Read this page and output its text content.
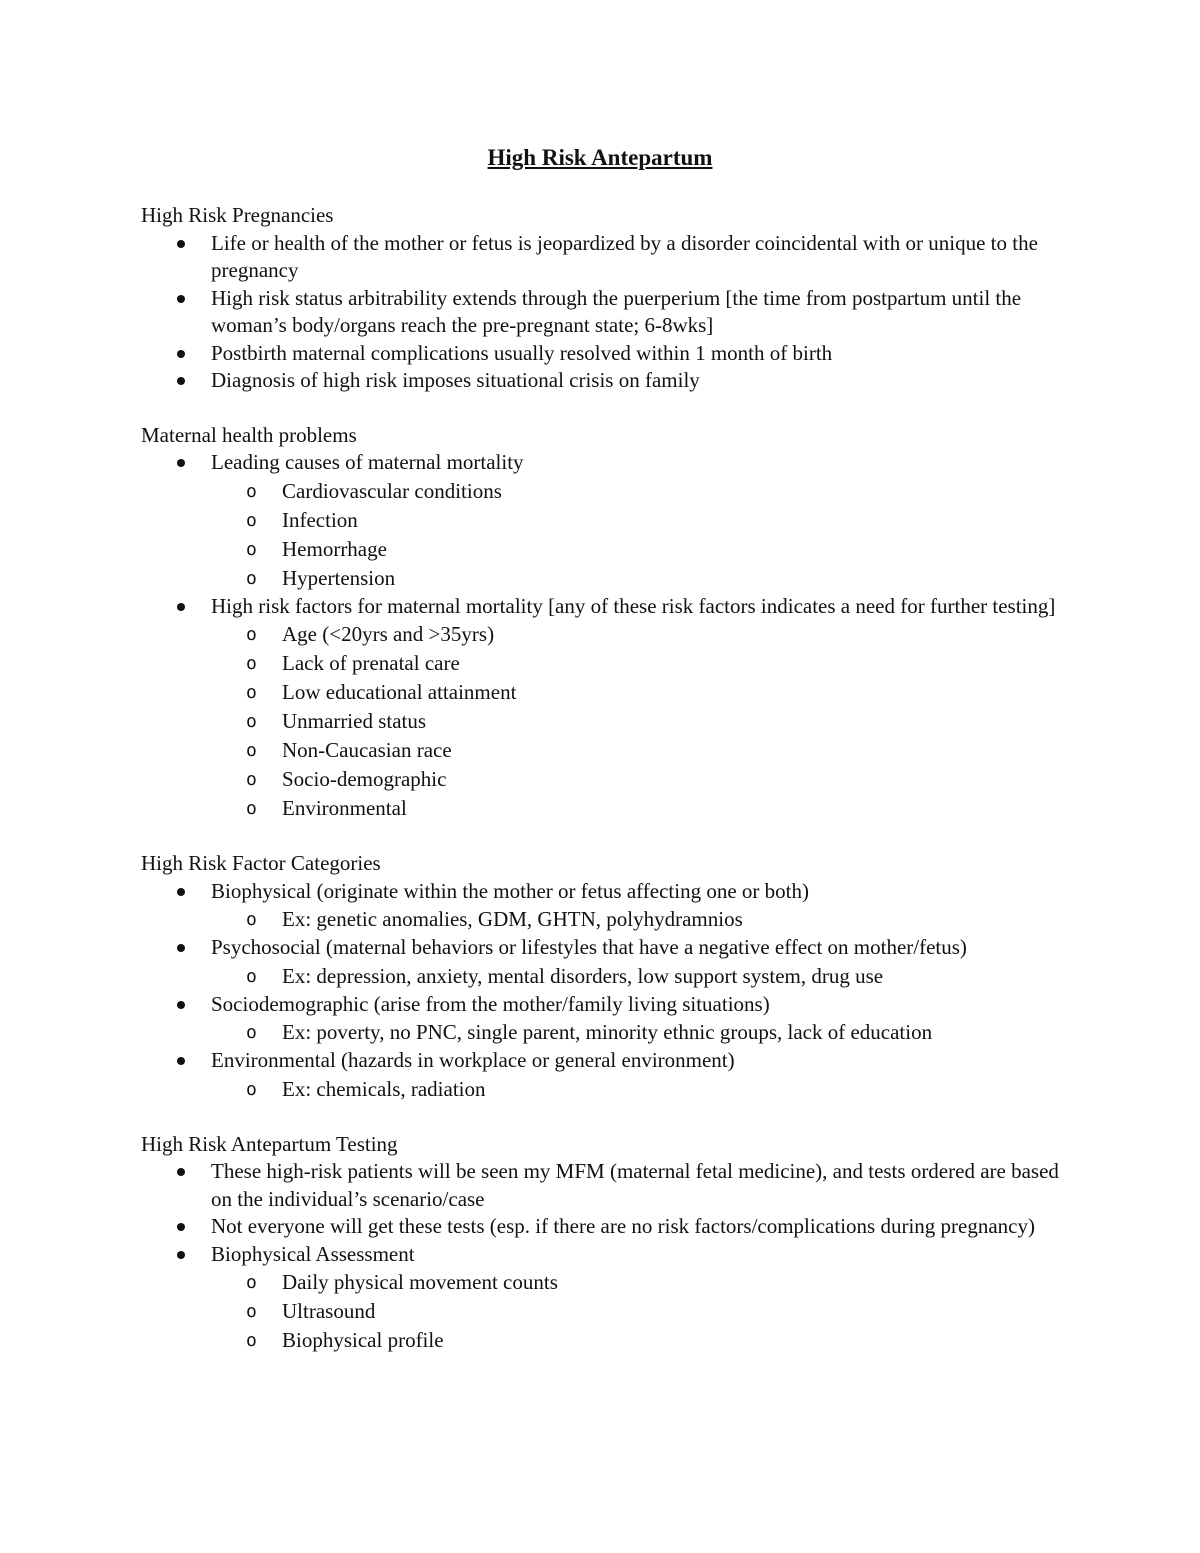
High Risk Antepartum
High Risk Pregnancies
Life or health of the mother or fetus is jeopardized by a disorder coincidental with or unique to the pregnancy
High risk status arbitrability extends through the puerperium [the time from postpartum until the woman’s body/organs reach the pre-pregnant state; 6-8wks]
Postbirth maternal complications usually resolved within 1 month of birth
Diagnosis of high risk imposes situational crisis on family
Maternal health problems
Leading causes of maternal mortality
o Cardiovascular conditions
o Infection
o Hemorrhage
o Hypertension
High risk factors for maternal mortality [any of these risk factors indicates a need for further testing]
o Age (<20yrs and >35yrs)
o Lack of prenatal care
o Low educational attainment
o Unmarried status
o Non-Caucasian race
o Socio-demographic
o Environmental
High Risk Factor Categories
Biophysical (originate within the mother or fetus affecting one or both)
o Ex: genetic anomalies, GDM, GHTN, polyhydramnios
Psychosocial (maternal behaviors or lifestyles that have a negative effect on mother/fetus)
o Ex: depression, anxiety, mental disorders, low support system, drug use
Sociodemographic (arise from the mother/family living situations)
o Ex: poverty, no PNC, single parent, minority ethnic groups, lack of education
Environmental (hazards in workplace or general environment)
o Ex: chemicals, radiation
High Risk Antepartum Testing
These high-risk patients will be seen my MFM (maternal fetal medicine), and tests ordered are based on the individual’s scenario/case
Not everyone will get these tests (esp. if there are no risk factors/complications during pregnancy)
Biophysical Assessment
o Daily physical movement counts
o Ultrasound
o Biophysical profile
